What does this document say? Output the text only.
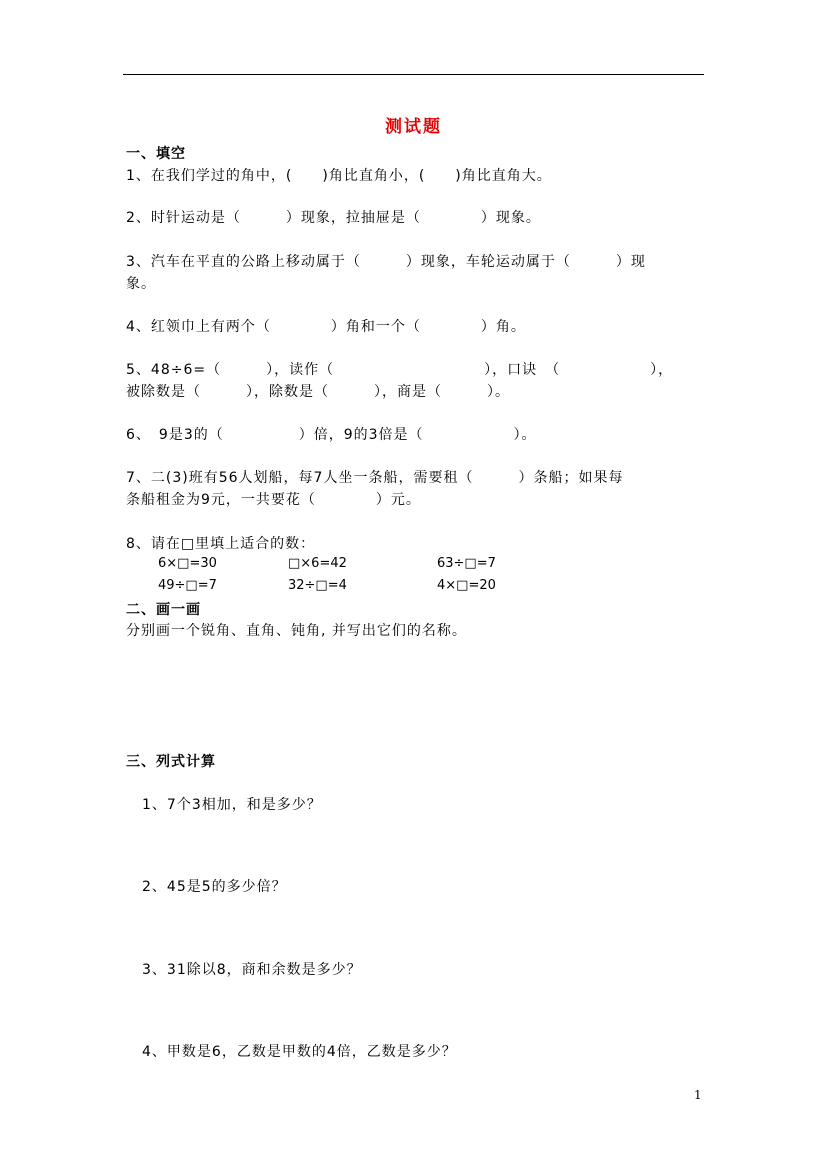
测试题
一、填空
1、在我们学过的角中，(　　)角比直角小，(　　)角比直角大。
2、时针运动是（　　　）现象，拉抽屉是（　　　　）现象。
3、汽车在平直的公路上移动属于（　　　）现象，车轮运动属于（　　　）现
象。
4、红领巾上有两个（　　　　）角和一个（　　　　）角。
5、48÷6=（　　　），读作（　　　　　　　　　　），口诀　（　　　　　　），
被除数是（　　　），除数是（　　　），商是（　　　）。
6、　9是3的（　　　　　）倍，9的3倍是（　　　　　　）。
7、二(3)班有56人划船，每7人坐一条船，需要租（　　　）条船；如果每
条船租金为9元，一共要花（　　　　）元。
8、请在□里填上适合的数：
6×□=30	□×6=42	63÷□=7
49÷□=7	32÷□=4	4×□=20
二、画一画
分别画一个锐角、直角、钝角, 并写出它们的名称。
三、列式计算
1、7个3相加，和是多少？
2、45是5的多少倍？
3、31除以8，商和余数是多少？
4、甲数是6，乙数是甲数的4倍，乙数是多少？
1
